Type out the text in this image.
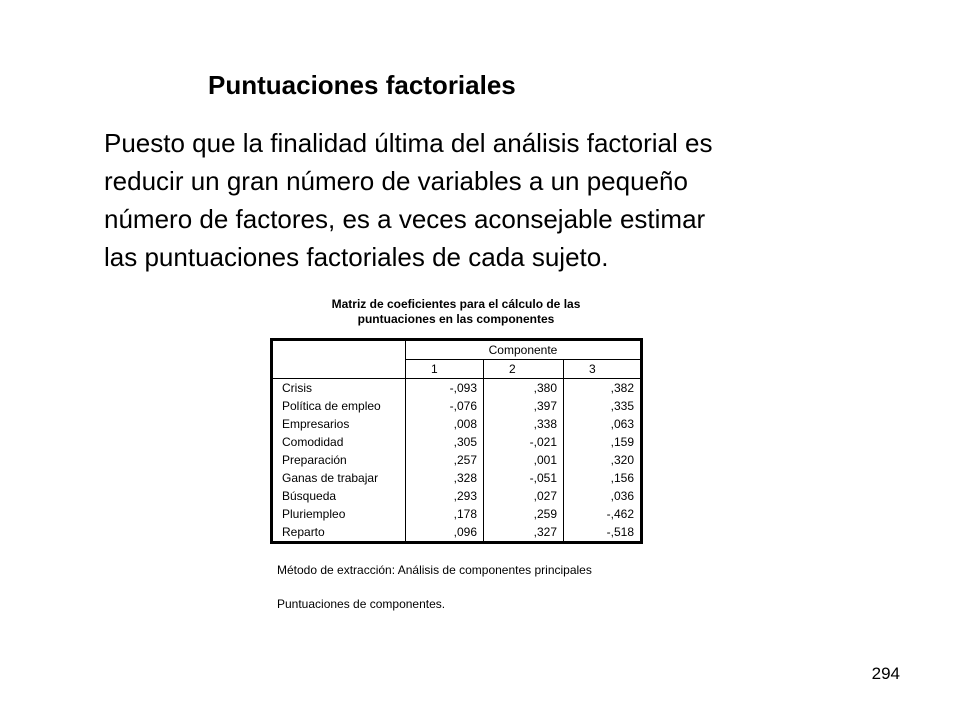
Puntuaciones factoriales

Puesto que la finalidad última del análisis factorial es
reducir un gran número de variables a un pequeño
número de factores, es a veces aconsejable estimar
las puntuaciones factoriales de cada sujeto.

Matriz de coeficientes para el cálculo de las
puntuaciones en las componentes
	Componente		
	1	2	3
Crisis	-,093	,380	,382
Política de empleo	-,076	,397	,335
Empresarios	,008	,338	,063
Comodidad	,305	-,021	,159
Preparación	,257	,001	,320
Ganas de trabajar	,328	-,051	,156
Búsqueda	,293	,027	,036
Pluriempleo	,178	,259	-,462
Reparto	,096	,327	-,518
Método de extracción: Análisis de componentes principales
Puntuaciones de componentes.
294
